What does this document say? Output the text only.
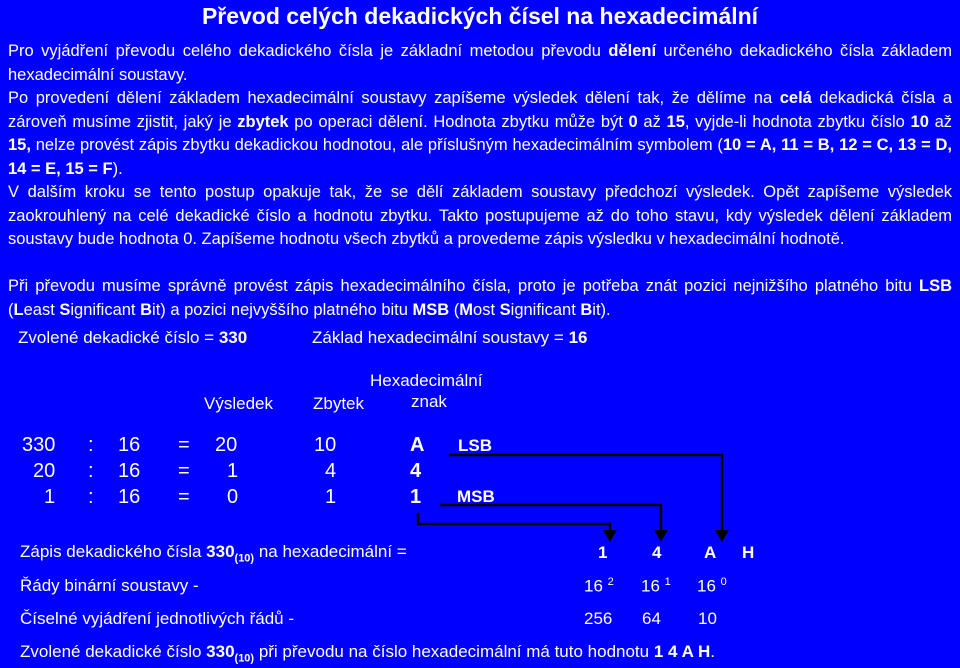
Převod celých dekadických čísel na hexadecimální

Pro vyjádření převodu celého dekadického čísla je základní metodou převodu dělení určeného dekadického čísla základem hexadecimální soustavy.

Po provedení dělení základem hexadecimální soustavy zapíšeme výsledek dělení tak, že dělíme na celá dekadická čísla a zároveň musíme zjistit, jaký je zbytek po operaci dělení. Hodnota zbytku může být 0 až 15, vyjde-li hodnota zbytku číslo 10 až 15, nelze provést zápis zbytku dekadickou hodnotou, ale příslušným hexadecimálním symbolem (10 = A, 11 = B, 12 = C, 13 = D, 14 = E, 15 = F).

V dalším kroku se tento postup opakuje tak, že se dělí základem soustavy předchozí výsledek. Opět zapíšeme výsledek zaokrouhlený na celé dekadické číslo a hodnotu zbytku. Takto postupujeme až do toho stavu, kdy výsledek dělení základem soustavy bude hodnota 0. Zapíšeme hodnotu všech zbytků a provedeme zápis výsledku v hexadecimální hodnotě.

Při převodu musíme správně provést zápis hexadecimálního čísla, proto je potřeba znát pozici nejnižšího platného bitu LSB (Least Significant Bit) a pozici nejvyššího platného bitu MSB (Most Significant Bit).

Zvolené dekadické číslo = 330	Základ hexadecimální soustavy = 16
Výsledek Zbytek
Hexadecimální
znak
330 : 16 = 20	10	A LSB
20 : 16 = 1	4	4
1 : 16 = 0	1	1 MSB
Zápis dekadického čísla $330_{(10)}$ na hexadecimální =	1	4	A H
Řády binární soustavy -	16 $^2$ 16 $^1$ 16 $^0$
Číselné vyjádření jednotlivých řádů -	256 64 10
Zvolené dekadické číslo $330_{(10)}$ při převodu na číslo hexadecimální má tuto hodnotu 1 4 A H.
